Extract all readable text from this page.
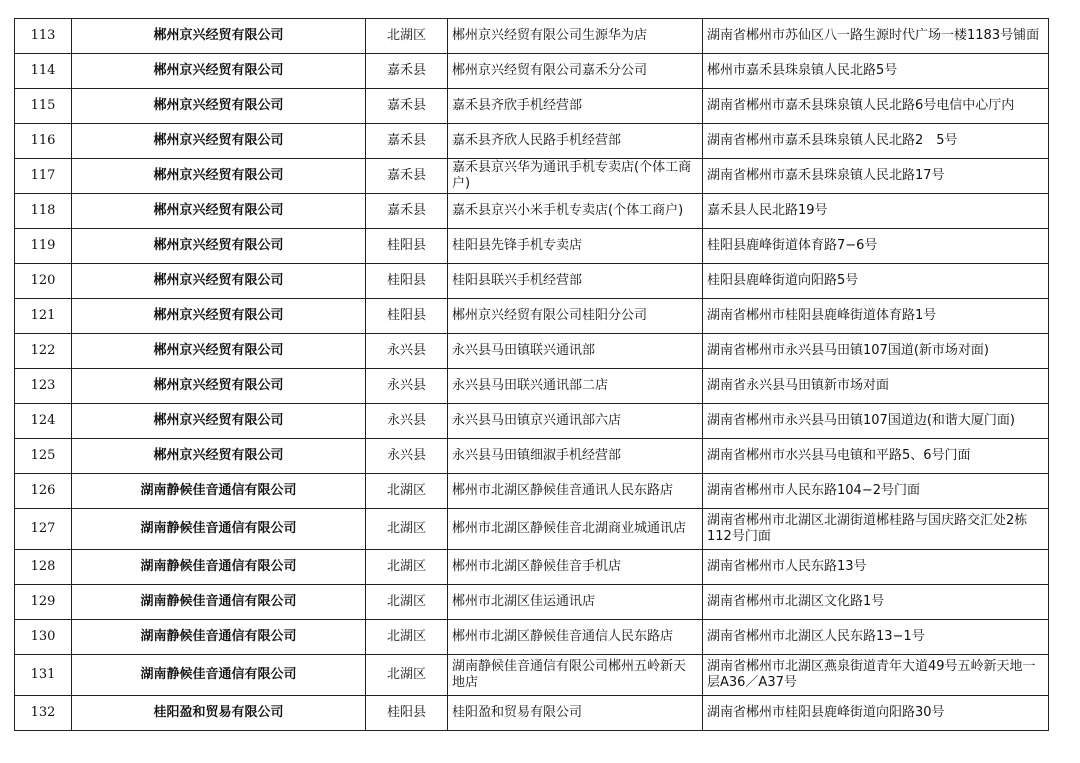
113	郴州京兴经贸有限公司	北湖区	郴州京兴经贸有限公司生源华为店	湖南省郴州市苏仙区八一路生源时代广场一楼1183号铺面
114	郴州京兴经贸有限公司	嘉禾县	郴州京兴经贸有限公司嘉禾分公司	郴州市嘉禾县珠泉镇人民北路5号
115	郴州京兴经贸有限公司	嘉禾县	嘉禾县齐欣手机经营部	湖南省郴州市嘉禾县珠泉镇人民北路6号电信中心厅内
116	郴州京兴经贸有限公司	嘉禾县	嘉禾县齐欣人民路手机经营部	湖南省郴州市嘉禾县珠泉镇人民北路2　5号
117	郴州京兴经贸有限公司	嘉禾县	嘉禾县京兴华为通讯手机专卖店(个体工商户)	湖南省郴州市嘉禾县珠泉镇人民北路17号
118	郴州京兴经贸有限公司	嘉禾县	嘉禾县京兴小米手机专卖店(个体工商户)	嘉禾县人民北路19号
119	郴州京兴经贸有限公司	桂阳县	桂阳县先锋手机专卖店	桂阳县鹿峰街道体育路7−6号
120	郴州京兴经贸有限公司	桂阳县	桂阳县联兴手机经营部	桂阳县鹿峰街道向阳路5号
121	郴州京兴经贸有限公司	桂阳县	郴州京兴经贸有限公司桂阳分公司	湖南省郴州市桂阳县鹿峰街道体育路1号
122	郴州京兴经贸有限公司	永兴县	永兴县马田镇联兴通讯部	湖南省郴州市永兴县马田镇107国道(新市场对面)
123	郴州京兴经贸有限公司	永兴县	永兴县马田联兴通讯部二店	湖南省永兴县马田镇新市场对面
124	郴州京兴经贸有限公司	永兴县	永兴县马田镇京兴通讯部六店	湖南省郴州市永兴县马田镇107国道边(和谐大厦门面)
125	郴州京兴经贸有限公司	永兴县	永兴县马田镇细淑手机经营部	湖南省郴州市水兴县马电镇和平路5、6号门面
126	湖南静候佳音通信有限公司	北湖区	郴州市北湖区静候佳音通讯人民东路店	湖南省郴州市人民东路104−2号门面
127	湖南静候佳音通信有限公司	北湖区	郴州市北湖区静候佳音北湖商业城通讯店	湖南省郴州市北湖区北湖街道郴桂路与国庆路交汇处2栋112号门面
128	湖南静候佳音通信有限公司	北湖区	郴州市北湖区静候佳音手机店	湖南省郴州市人民东路13号
129	湖南静候佳音通信有限公司	北湖区	郴州市北湖区佳运通讯店	湖南省郴州市北湖区文化路1号
130	湖南静候佳音通信有限公司	北湖区	郴州市北湖区静候佳音通信人民东路店	湖南省郴州市北湖区人民东路13−1号
131	湖南静候佳音通信有限公司	北湖区	湖南静候佳音通信有限公司郴州五岭新天地店	湖南省郴州市北湖区燕泉街道青年大道49号五岭新天地一层A36／A37号
132	桂阳盈和贸易有限公司	桂阳县	桂阳盈和贸易有限公司	湖南省郴州市桂阳县鹿峰街道向阳路30号
